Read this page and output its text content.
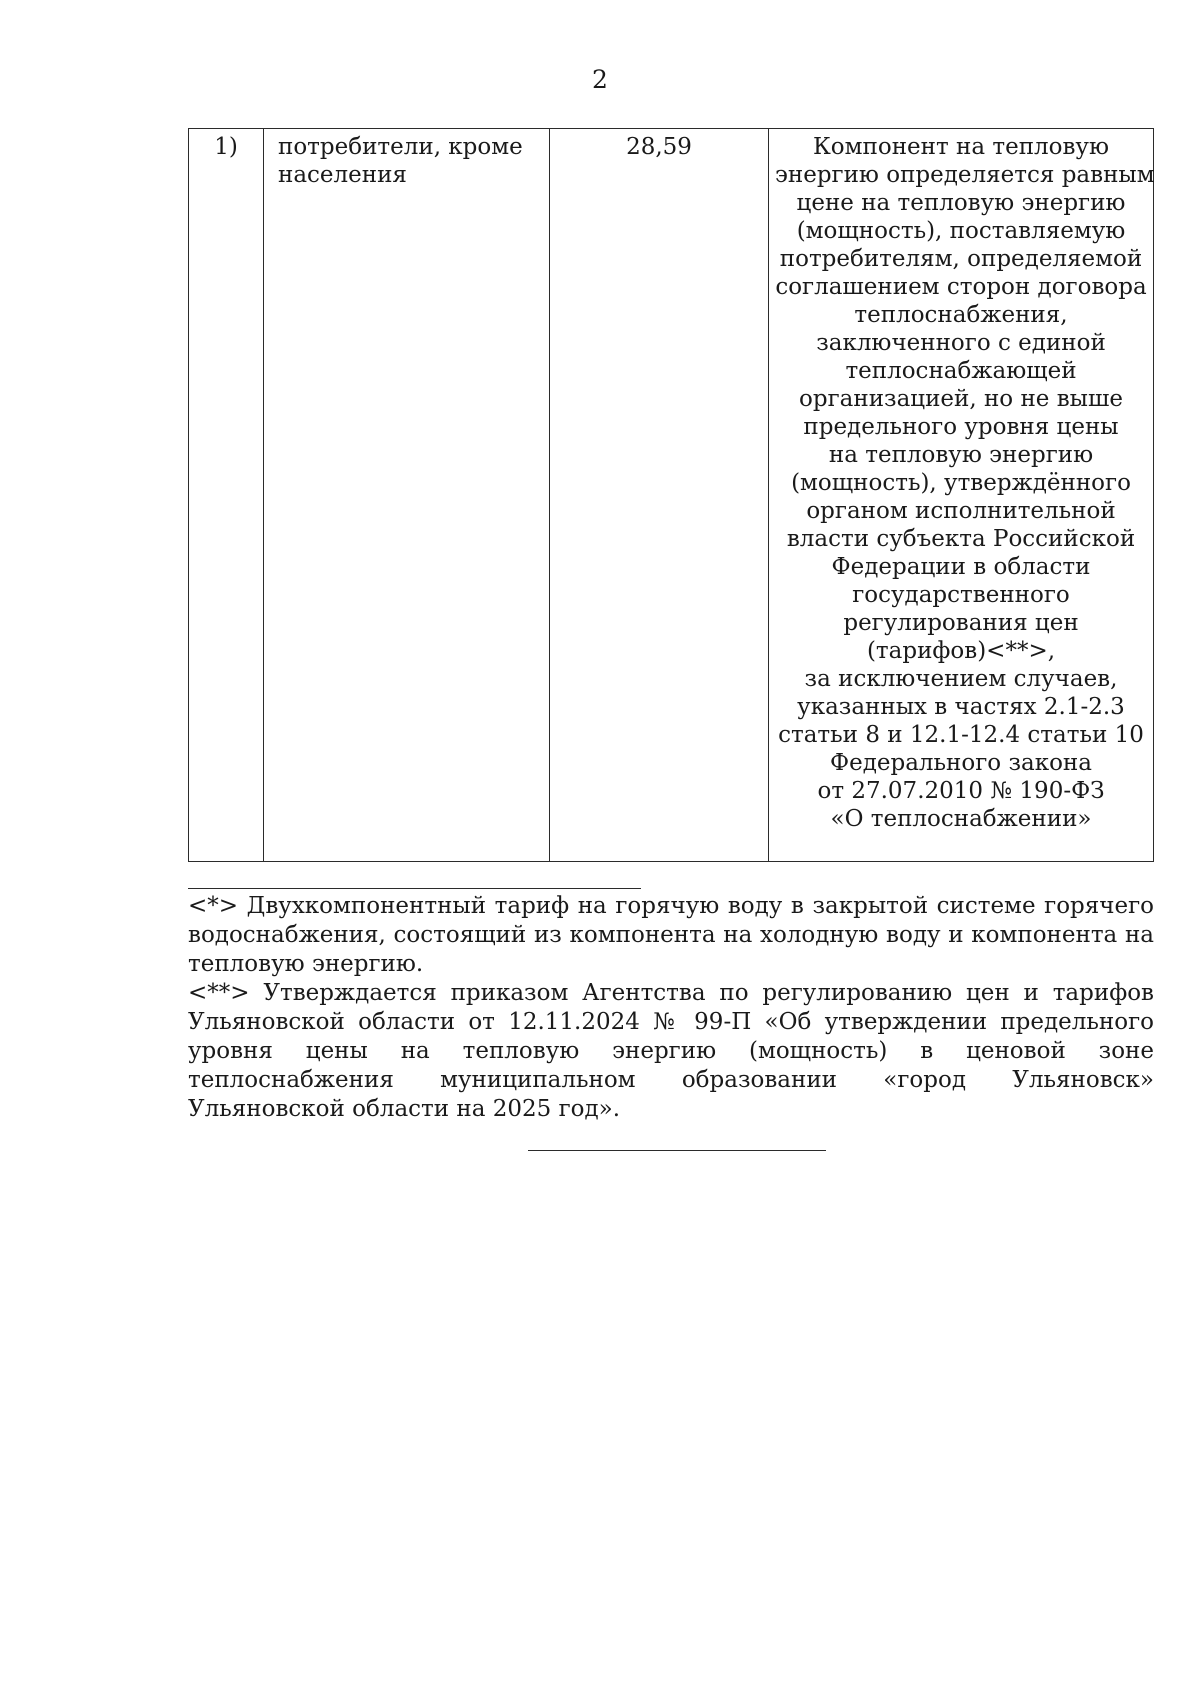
2
1)	потребители, кроме населения	28,59	Компонент на тепловую
энергию определяется равным
цене на тепловую энергию
(мощность), поставляемую
потребителям, определяемой
соглашением сторон договора
теплоснабжения,
заключенного с единой
теплоснабжающей
организацией, но не выше
предельного уровня цены
на тепловую энергию
(мощность), утверждённого
органом исполнительной
власти субъекта Российской
Федерации в области
государственного
регулирования цен
(тарифов)<**>,
за исключением случаев,
указанных в частях 2.1-2.3
статьи 8 и 12.1-12.4 статьи 10
Федерального закона
от 27.07.2010 № 190-ФЗ
«О теплоснабжении»

<*> Двухкомпонентный тариф на горячую воду в закрытой системе горячего водоснабжения, состоящий из компонента на холодную воду и компонента на тепловую энергию.

<**> Утверждается приказом Агентства по регулированию цен и тарифов Ульяновской области от 12.11.2024 № 99-П «Об утверждении предельного уровня цены на тепловую энергию (мощность) в ценовой зоне теплоснабжения муниципальном образовании «город Ульяновск» Ульяновской области на 2025 год».
